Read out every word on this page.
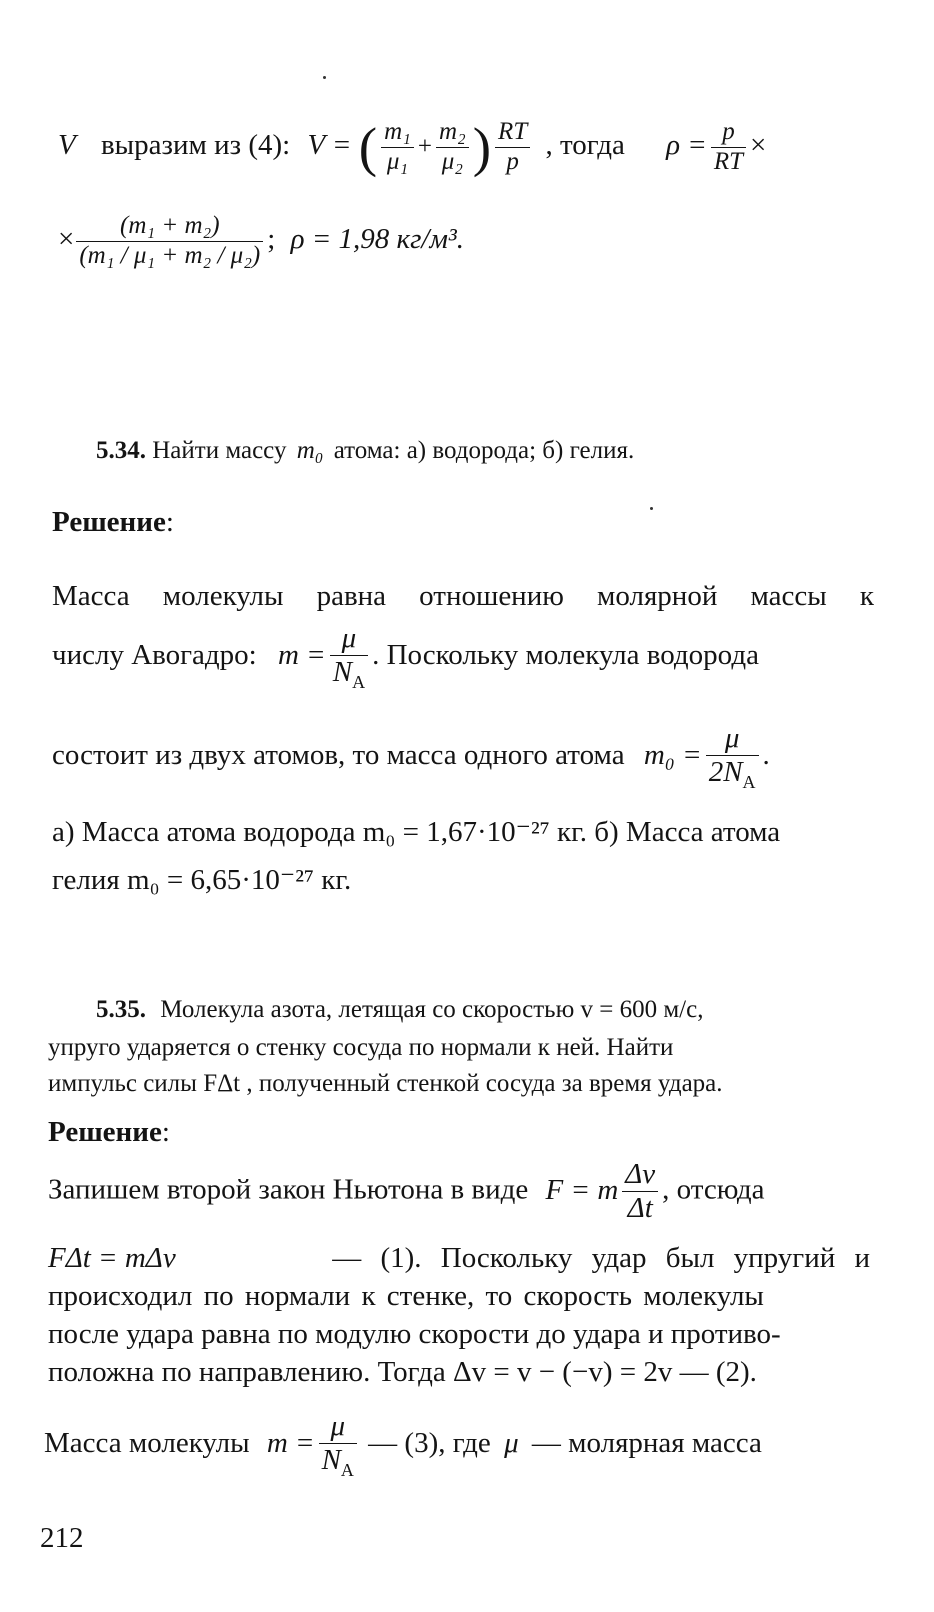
V выразим из (4): V = ( $\frac{\text{m₁}}{\text{μ₁}} + \frac{\text{m₂}}{\text{μ₂}}$ ) $\frac{RT}{p}$ , тогда $\rho = \frac{p}{RT}$ ×
× $\frac{\text{(m₁ + m₂)}}{\text{(m₁ / μ₁ + m₂ / μ₂)}}$ ; ρ = 1,98 кг/м³.
5.34. Найти массу m₀ атома: а) водорода; б) гелия.
Решение:
Масса молекулы равна отношению молярной массы к
числу Авогадро: $m = \frac{\mu}{N_A}$ . Поскольку молекула водорода
состоит из двух атомов, то масса одного атома $m_0 = \frac{\mu}{2N_A}$ .
а) Масса атома водорода m₀ = 1,67·10⁻²⁷ кг. б) Масса атома
гелия m₀ = 6,65·10⁻²⁷ кг.
5.35. Молекула азота, летящая со скоростью v = 600 м/с,
упруго ударяется о стенку сосуда по нормали к ней. Найти
импульс силы FΔt , полученный стенкой сосуда за время удара.
Решение:
Запишем второй закон Ньютона в виде F = m $\frac{\Delta v}{\Delta t}$ , отсюда
FΔt = mΔv	— (1). Поскольку удар был упругий и
происходил по нормали к стенке, то скорость молекулы
после удара равна по модулю скорости до удара и противо-
положна по направлению. Тогда Δv = v − (−v) = 2v — (2).
Масса молекулы $m = \frac{\mu}{N_A}$ — (3), где μ — молярная масса
212
